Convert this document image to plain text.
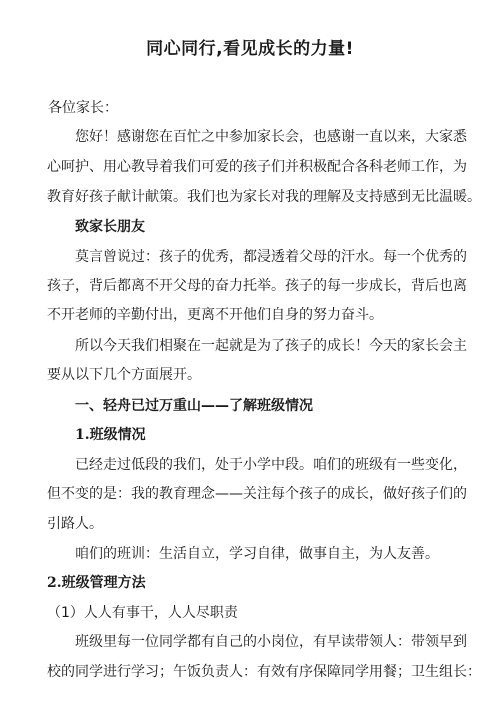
同心同行,看见成长的力量!
各位家长：
您好！感谢您在百忙之中参加家长会，也感谢一直以来，大家悉
心呵护、用心教导着我们可爱的孩子们并积极配合各科老师工作，为
教育好孩子献计献策。我们也为家长对我的理解及支持感到无比温暖。
致家长朋友
莫言曾说过：孩子的优秀，都浸透着父母的汗水。每一个优秀的
孩子，背后都离不开父母的奋力托举。孩子的每一步成长，背后也离
不开老师的辛勤付出，更离不开他们自身的努力奋斗。
所以今天我们相聚在一起就是为了孩子的成长！今天的家长会主
要从以下几个方面展开。
一、轻舟已过万重山——了解班级情况
1.班级情况
已经走过低段的我们，处于小学中段。咱们的班级有一些变化，
但不变的是：我的教育理念——关注每个孩子的成长，做好孩子们的
引路人。
咱们的班训：生活自立，学习自律，做事自主，为人友善。
2.班级管理方法
（1）人人有事干，人人尽职责
班级里每一位同学都有自己的小岗位，有早读带领人：带领早到
校的同学进行学习；午饭负责人：有效有序保障同学用餐；卫生组长：
